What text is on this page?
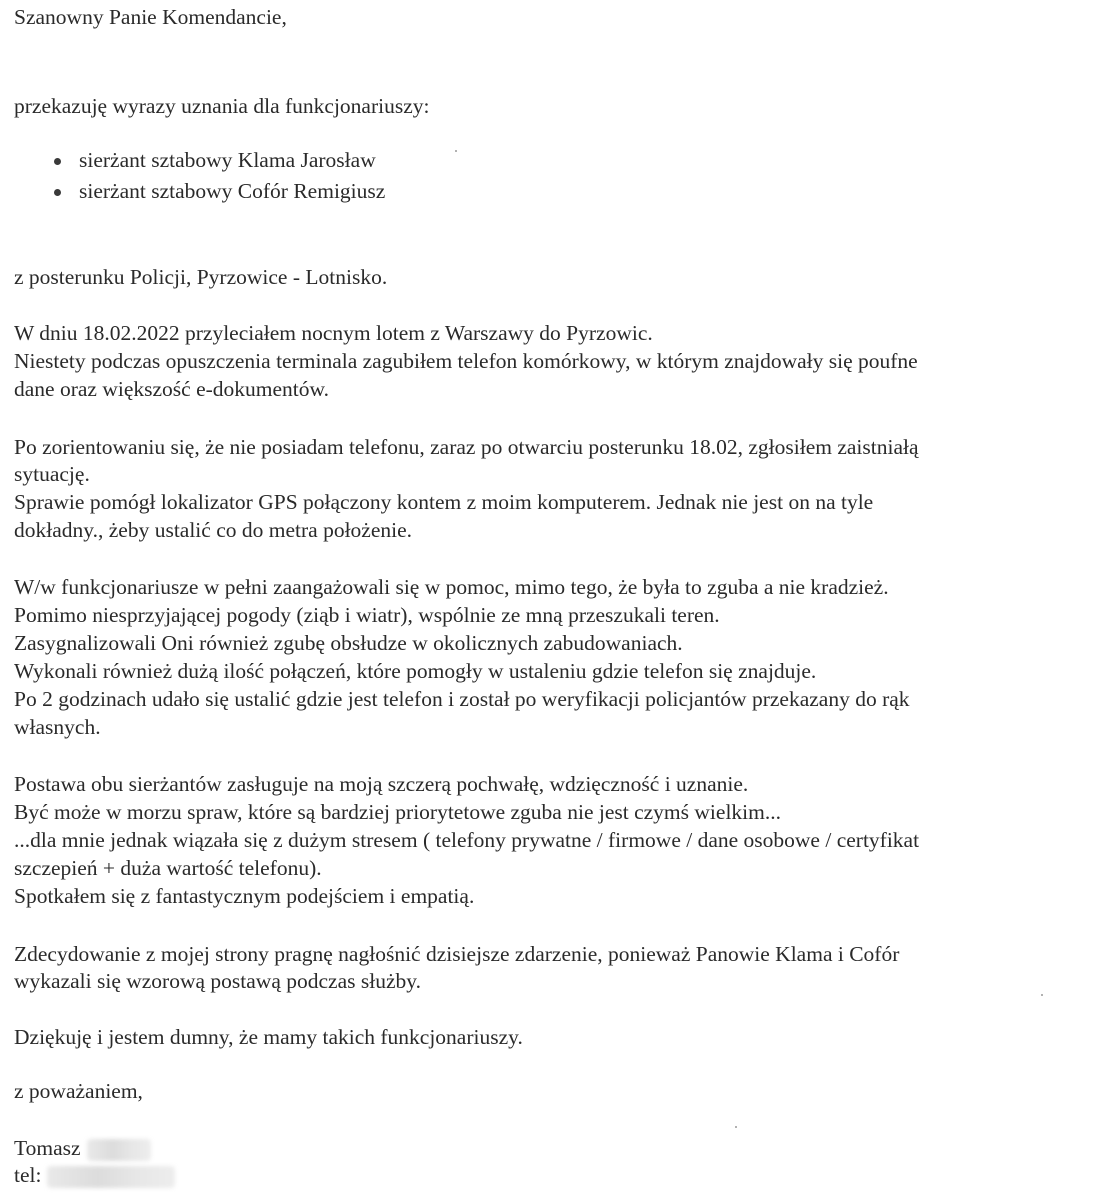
Szanowny Panie Komendancie,

przekazuję wyrazy uznania dla funkcjonariuszy:

sierżant sztabowy Klama Jarosław
sierżant sztabowy Cofór Remigiusz

z posterunku Policji, Pyrzowice - Lotnisko.

W dniu 18.02.2022 przyleciałem nocnym lotem z Warszawy do Pyrzowic.

Niestety podczas opuszczenia terminala zagubiłem telefon komórkowy, w którym znajdowały się poufne

dane oraz większość e-dokumentów.

Po zorientowaniu się, że nie posiadam telefonu, zaraz po otwarciu posterunku 18.02, zgłosiłem zaistniałą

sytuację.

Sprawie pomógł lokalizator GPS połączony kontem z moim komputerem. Jednak nie jest on na tyle

dokładny., żeby ustalić co do metra położenie.

W/w funkcjonariusze w pełni zaangażowali się w pomoc, mimo tego, że była to zguba a nie kradzież.

Pomimo niesprzyjającej pogody (ziąb i wiatr), wspólnie ze mną przeszukali teren.

Zasygnalizowali Oni również zgubę obsłudze w okolicznych zabudowaniach.

Wykonali również dużą ilość połączeń, które pomogły w ustaleniu gdzie telefon się znajduje.

Po 2 godzinach udało się ustalić gdzie jest telefon i został po weryfikacji policjantów przekazany do rąk

własnych.

Postawa obu sierżantów zasługuje na moją szczerą pochwałę, wdzięczność i uznanie.

Być może w morzu spraw, które są bardziej priorytetowe zguba nie jest czymś wielkim...

...dla mnie jednak wiązała się z dużym stresem ( telefony prywatne / firmowe / dane osobowe / certyfikat

szczepień + duża wartość telefonu).

Spotkałem się z fantastycznym podejściem i empatią.

Zdecydowanie z mojej strony pragnę nagłośnić dzisiejsze zdarzenie, ponieważ Panowie Klama i Cofór

wykazali się wzorową postawą podczas służby.

Dziękuję i jestem dumny, że mamy takich funkcjonariuszy.

z poważaniem,

Tomasz

tel:
